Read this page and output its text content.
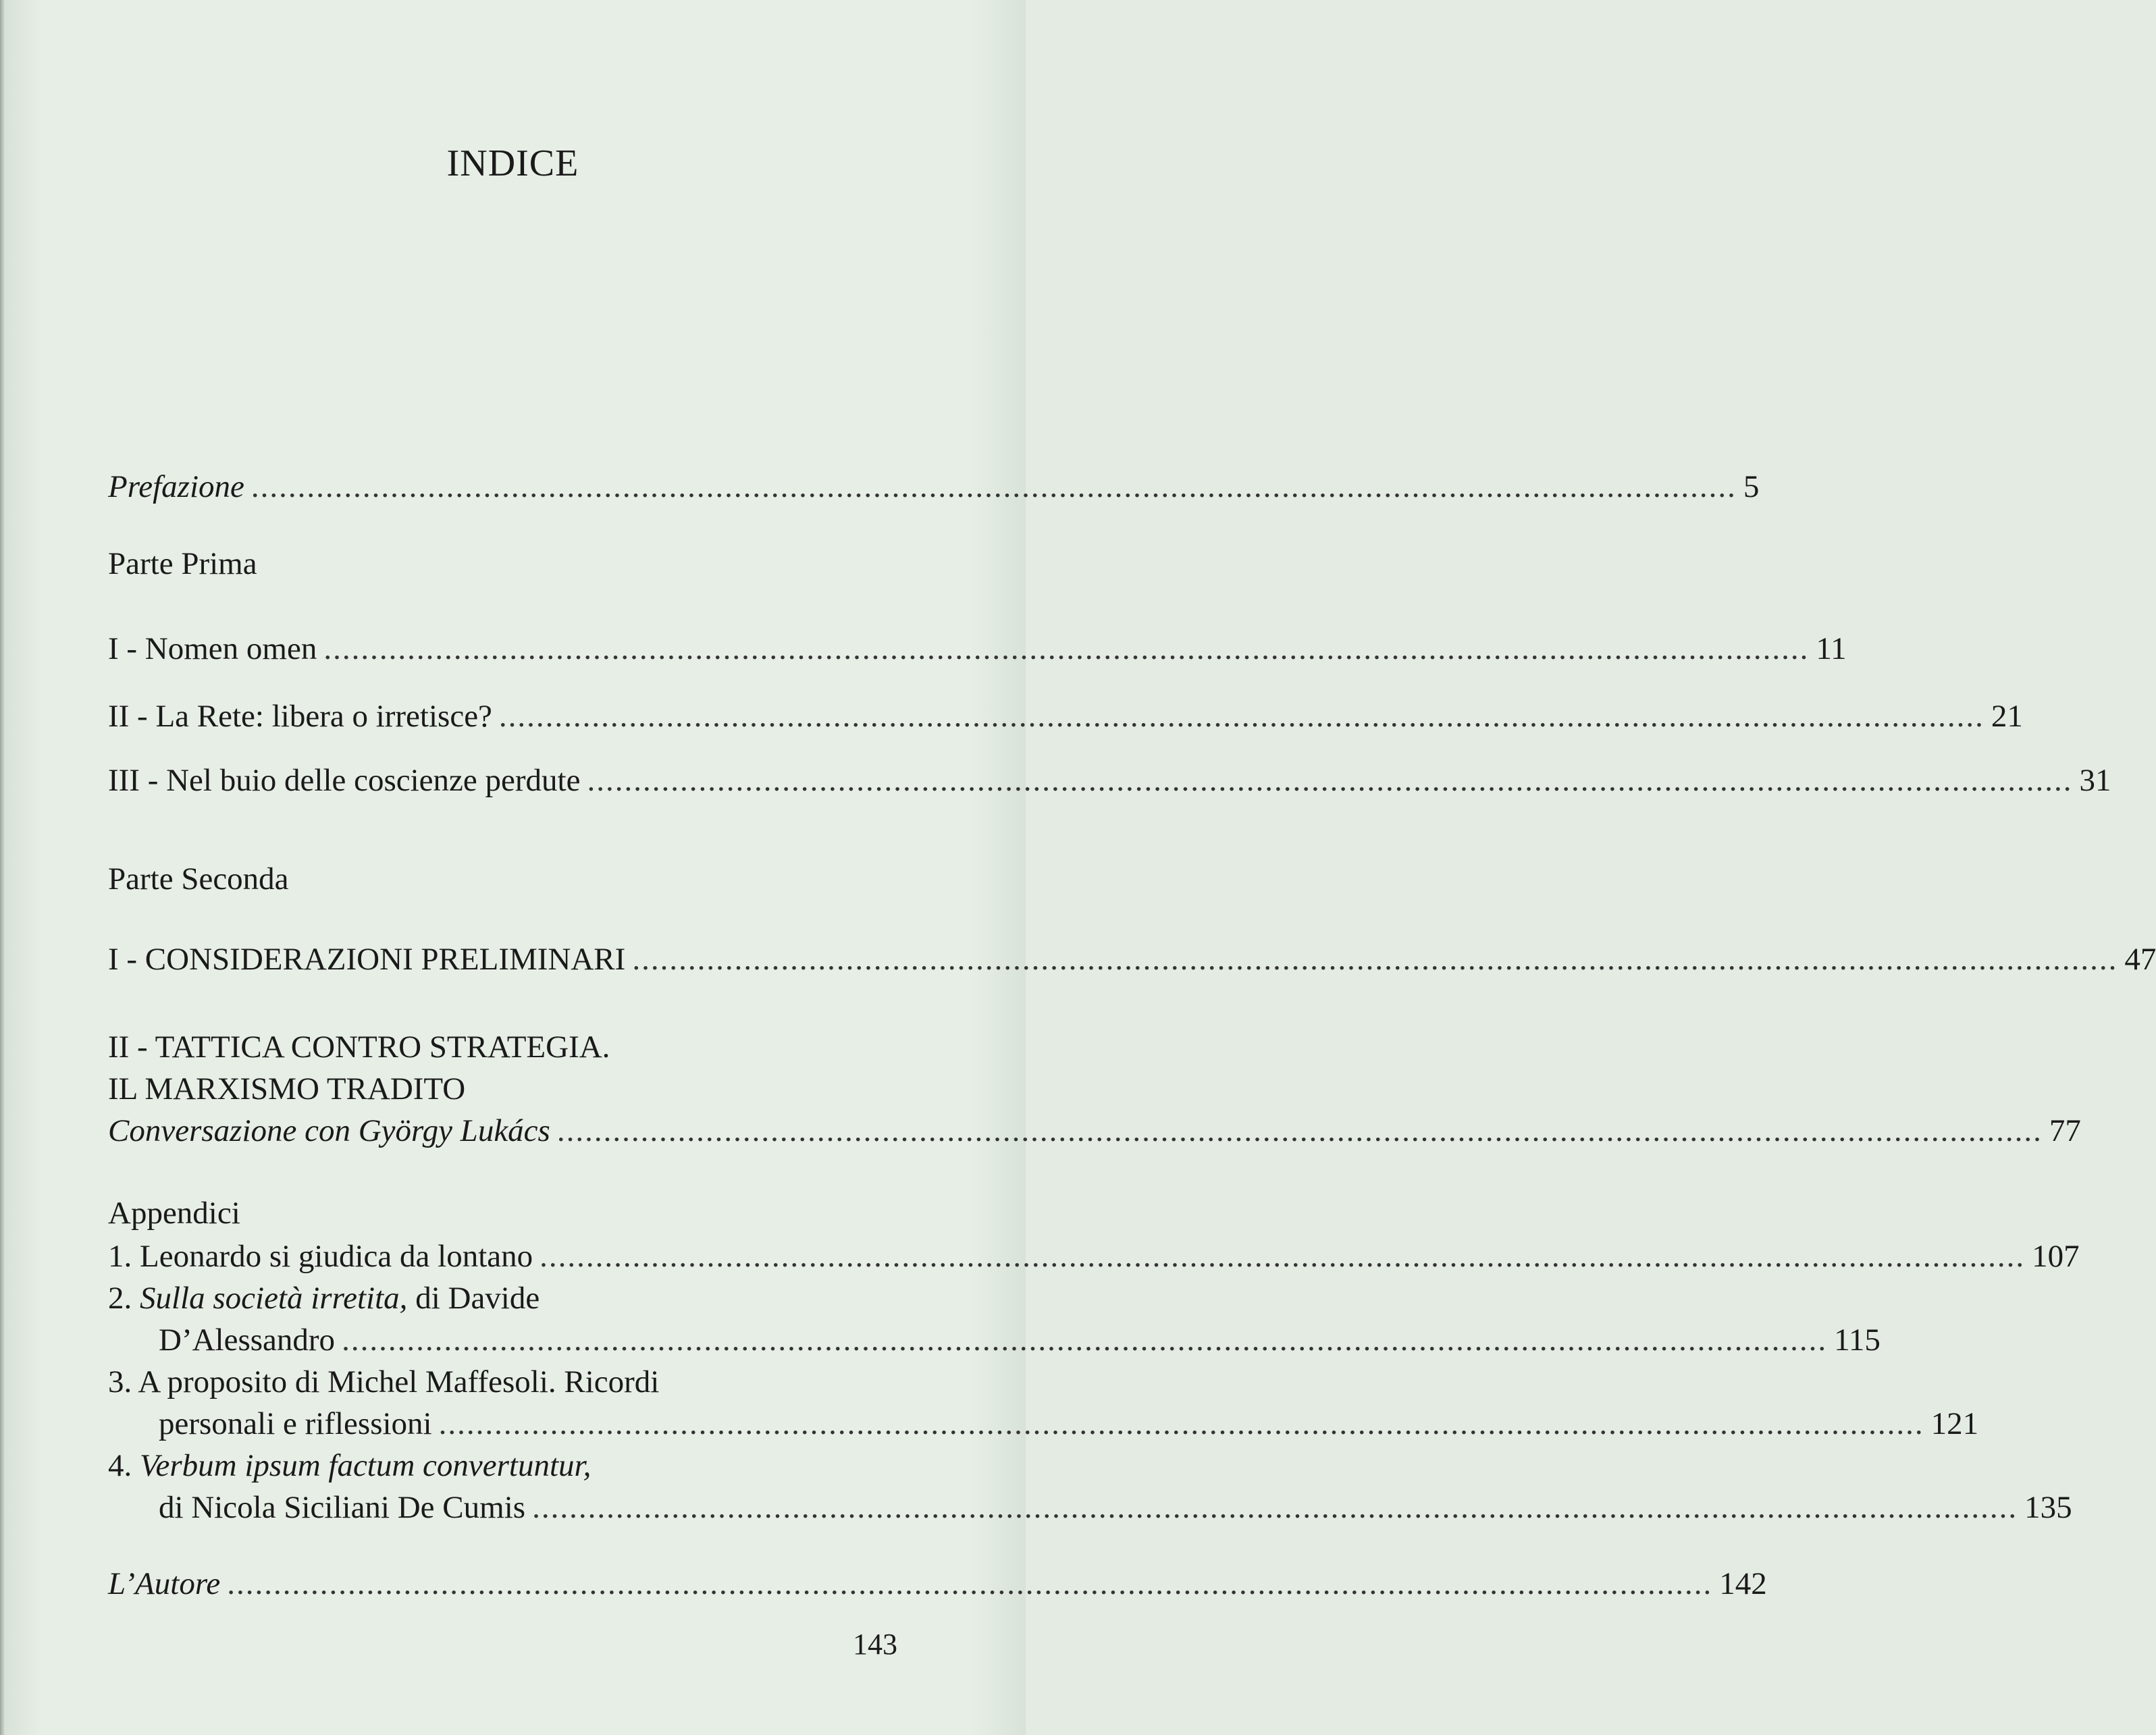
INDICE
Prefazione ................................................................................................................................................................ 5
Parte Prima
I - Nomen omen ................................................................................................................................................................ 11
II - La Rete: libera o irretisce? ................................................................................................................................................................ 21
III - Nel buio delle coscienze perdute ................................................................................................................................................................ 31
Parte Seconda
I - CONSIDERAZIONI PRELIMINARI ................................................................................................................................................................ 47
II - TATTICA CONTRO STRATEGIA.
IL MARXISMO TRADITO
Conversazione con György Lukács ................................................................................................................................................................ 77
Appendici
1. Leonardo si giudica da lontano ................................................................................................................................................................ 107
2. Sulla società irretita, di Davide
D’Alessandro ................................................................................................................................................................ 115
3. A proposito di Michel Maffesoli. Ricordi
personali e riflessioni ................................................................................................................................................................ 121
4. Verbum ipsum factum convertuntur,
di Nicola Siciliani De Cumis ................................................................................................................................................................ 135
L’Autore ................................................................................................................................................................ 142
143
